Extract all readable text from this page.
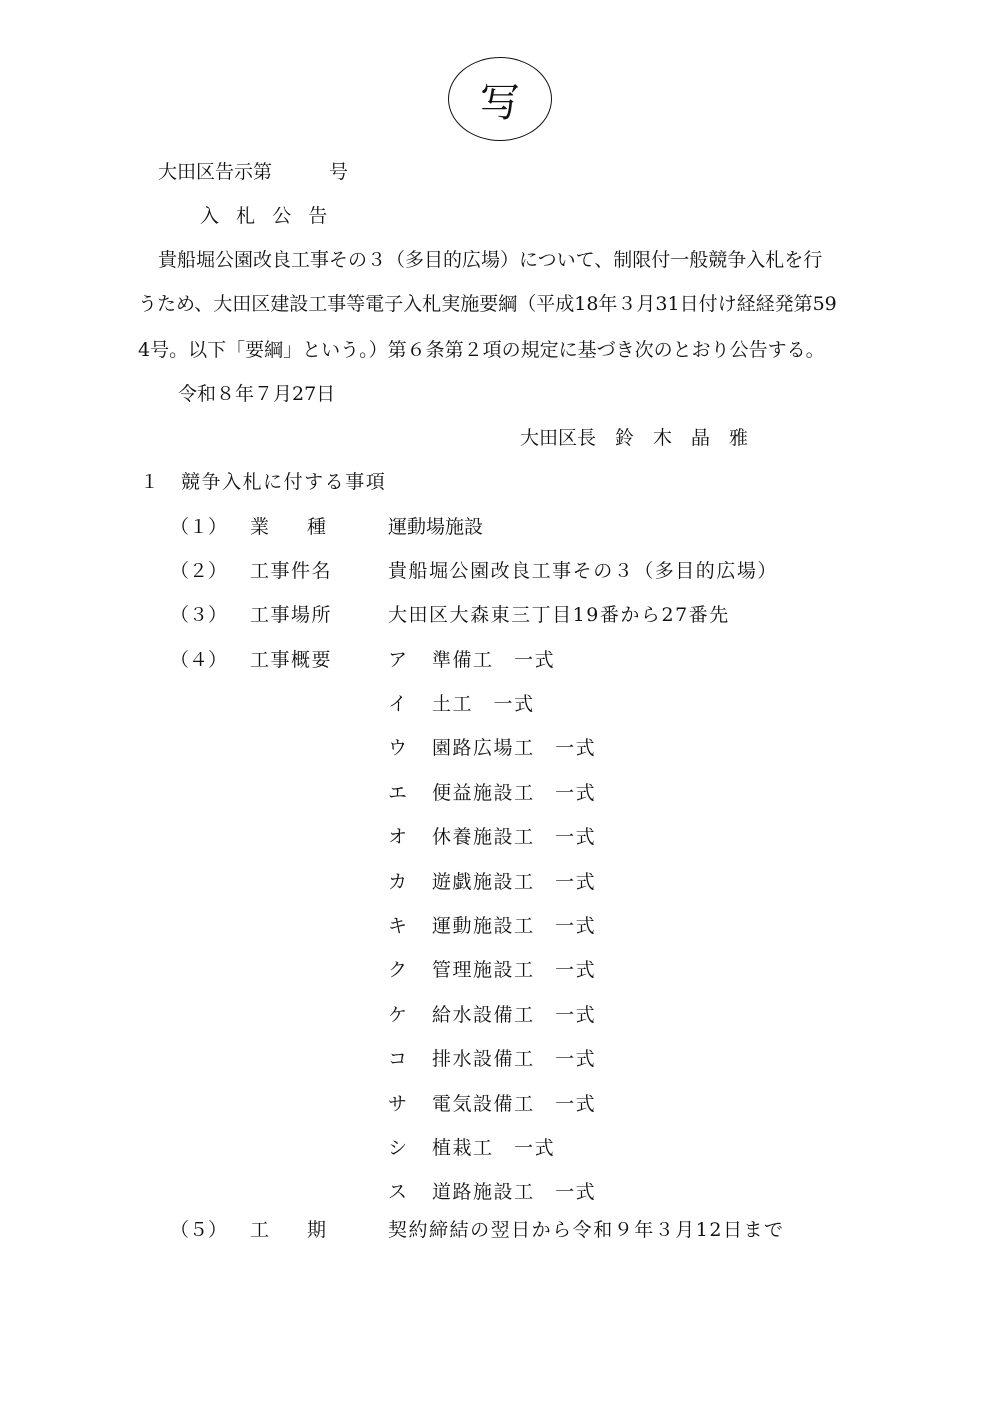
写
大田区告示第　　　号
入札公告
貴船堀公園改良工事その３（多目的広場）について、制限付一般競争入札を行
うため、大田区建設工事等電子入札実施要綱（平成18年３月31日付け経経発第59
4号。以下「要綱」という。）第６条第２項の規定に基づき次のとおり公告する。
令和８年７月27日
大田区長　鈴　木　晶　雅
１　競争入札に付する事項
（１） 業　　種	運動場施設
（２） 工事件名	貴船堀公園改良工事その３（多目的広場）
（３） 工事場所	大田区大森東三丁目19番から27番先
（４） 工事概要	ア 準備工　一式
イ 土工　一式
ウ 園路広場工　一式
エ 便益施設工　一式
オ 休養施設工　一式
カ 遊戯施設工　一式
キ 運動施設工　一式
ク 管理施設工　一式
ケ 給水設備工　一式
コ 排水設備工　一式
サ 電気設備工　一式
シ 植栽工　一式
ス 道路施設工　一式
（５） 工　　期	契約締結の翌日から令和９年３月12日まで
